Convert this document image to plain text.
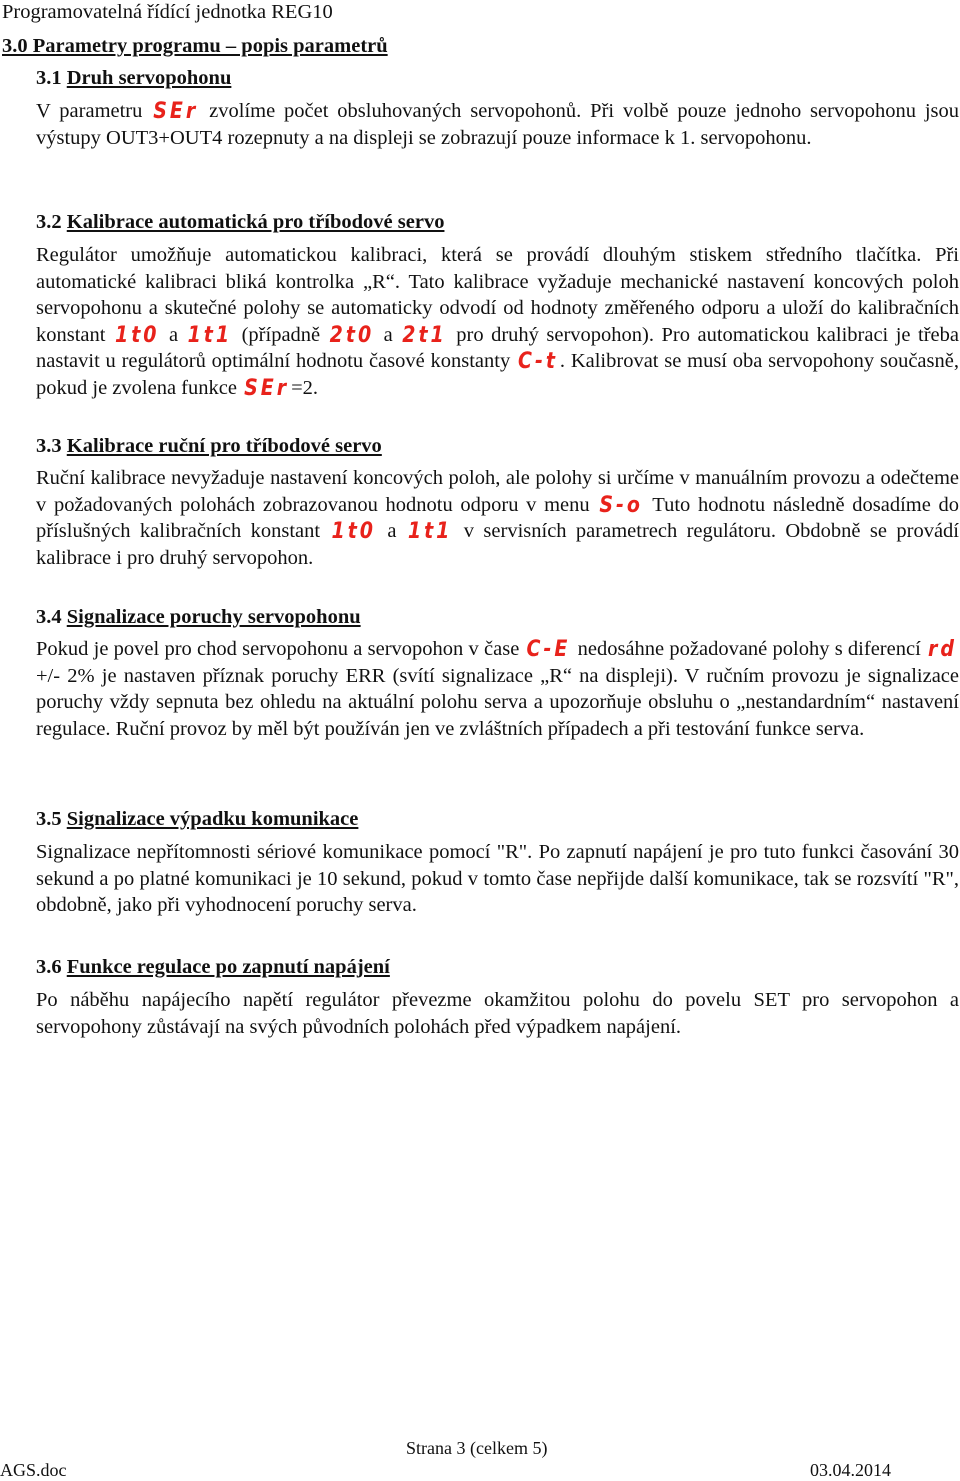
Programovatelná řídící jednotka REG10
3.0 Parametry programu – popis parametrů
3.1 Druh servopohonu
V parametru SEr zvolíme počet obsluhovaných servopohonů. Při volbě pouze jednoho servopohonu jsou výstupy OUT3+OUT4 rozepnuty a na displeji se zobrazují pouze informace k 1. servopohonu.
3.2 Kalibrace automatická pro tříbodové servo
Regulátor umožňuje automatickou kalibraci, která se provádí dlouhým stiskem středního tlačítka. Při automatické kalibraci bliká kontrolka „R“. Tato kalibrace vyžaduje mechanické nastavení koncových poloh servopohonu a skutečné polohy se automaticky odvodí od hodnoty změřeného odporu a uloží do kalibračních konstant 1t0 a 1t1 (případně 2t0 a 2t1 pro druhý servopohon). Pro automatickou kalibraci je třeba nastavit u regulátorů optimální hodnotu časové konstanty C-t. Kalibrovat se musí oba servopohony současně, pokud je zvolena funkce SEr=2.
3.3 Kalibrace ruční pro tříbodové servo
Ruční kalibrace nevyžaduje nastavení koncových poloh, ale polohy si určíme v manuálním provozu a odečteme v požadovaných polohách zobrazovanou hodnotu odporu v menu S-o Tuto hodnotu následně dosadíme do příslušných kalibračních konstant 1t0 a 1t1 v servisních parametrech regulátoru. Obdobně se provádí kalibrace i pro druhý servopohon.
3.4 Signalizace poruchy servopohonu
Pokud je povel pro chod servopohonu a servopohon v čase C-E nedosáhne požadované polohy s diferencí rd +/- 2% je nastaven příznak poruchy ERR (svítí signalizace „R“ na displeji). V ručním provozu je signalizace poruchy vždy sepnuta bez ohledu na aktuální polohu serva a upozorňuje obsluhu o „nestandardním“ nastavení regulace. Ruční provoz by měl být používán jen ve zvláštních případech a při testování funkce serva.
3.5 Signalizace výpadku komunikace
Signalizace nepřítomnosti sériové komunikace pomocí "R". Po zapnutí napájení je pro tuto funkci časování 30 sekund a po platné komunikaci je 10 sekund, pokud v tomto čase nepřijde další komunikace, tak se rozsvítí "R", obdobně, jako při vyhodnocení poruchy serva.
3.6 Funkce regulace po zapnutí napájení
Po náběhu napájecího napětí regulátor převezme okamžitou polohu do povelu SET pro servopohon a servopohony zůstávají na svých původních polohách před výpadkem napájení.
Strana 3 (celkem 5)
AGS.doc	03.04.2014
